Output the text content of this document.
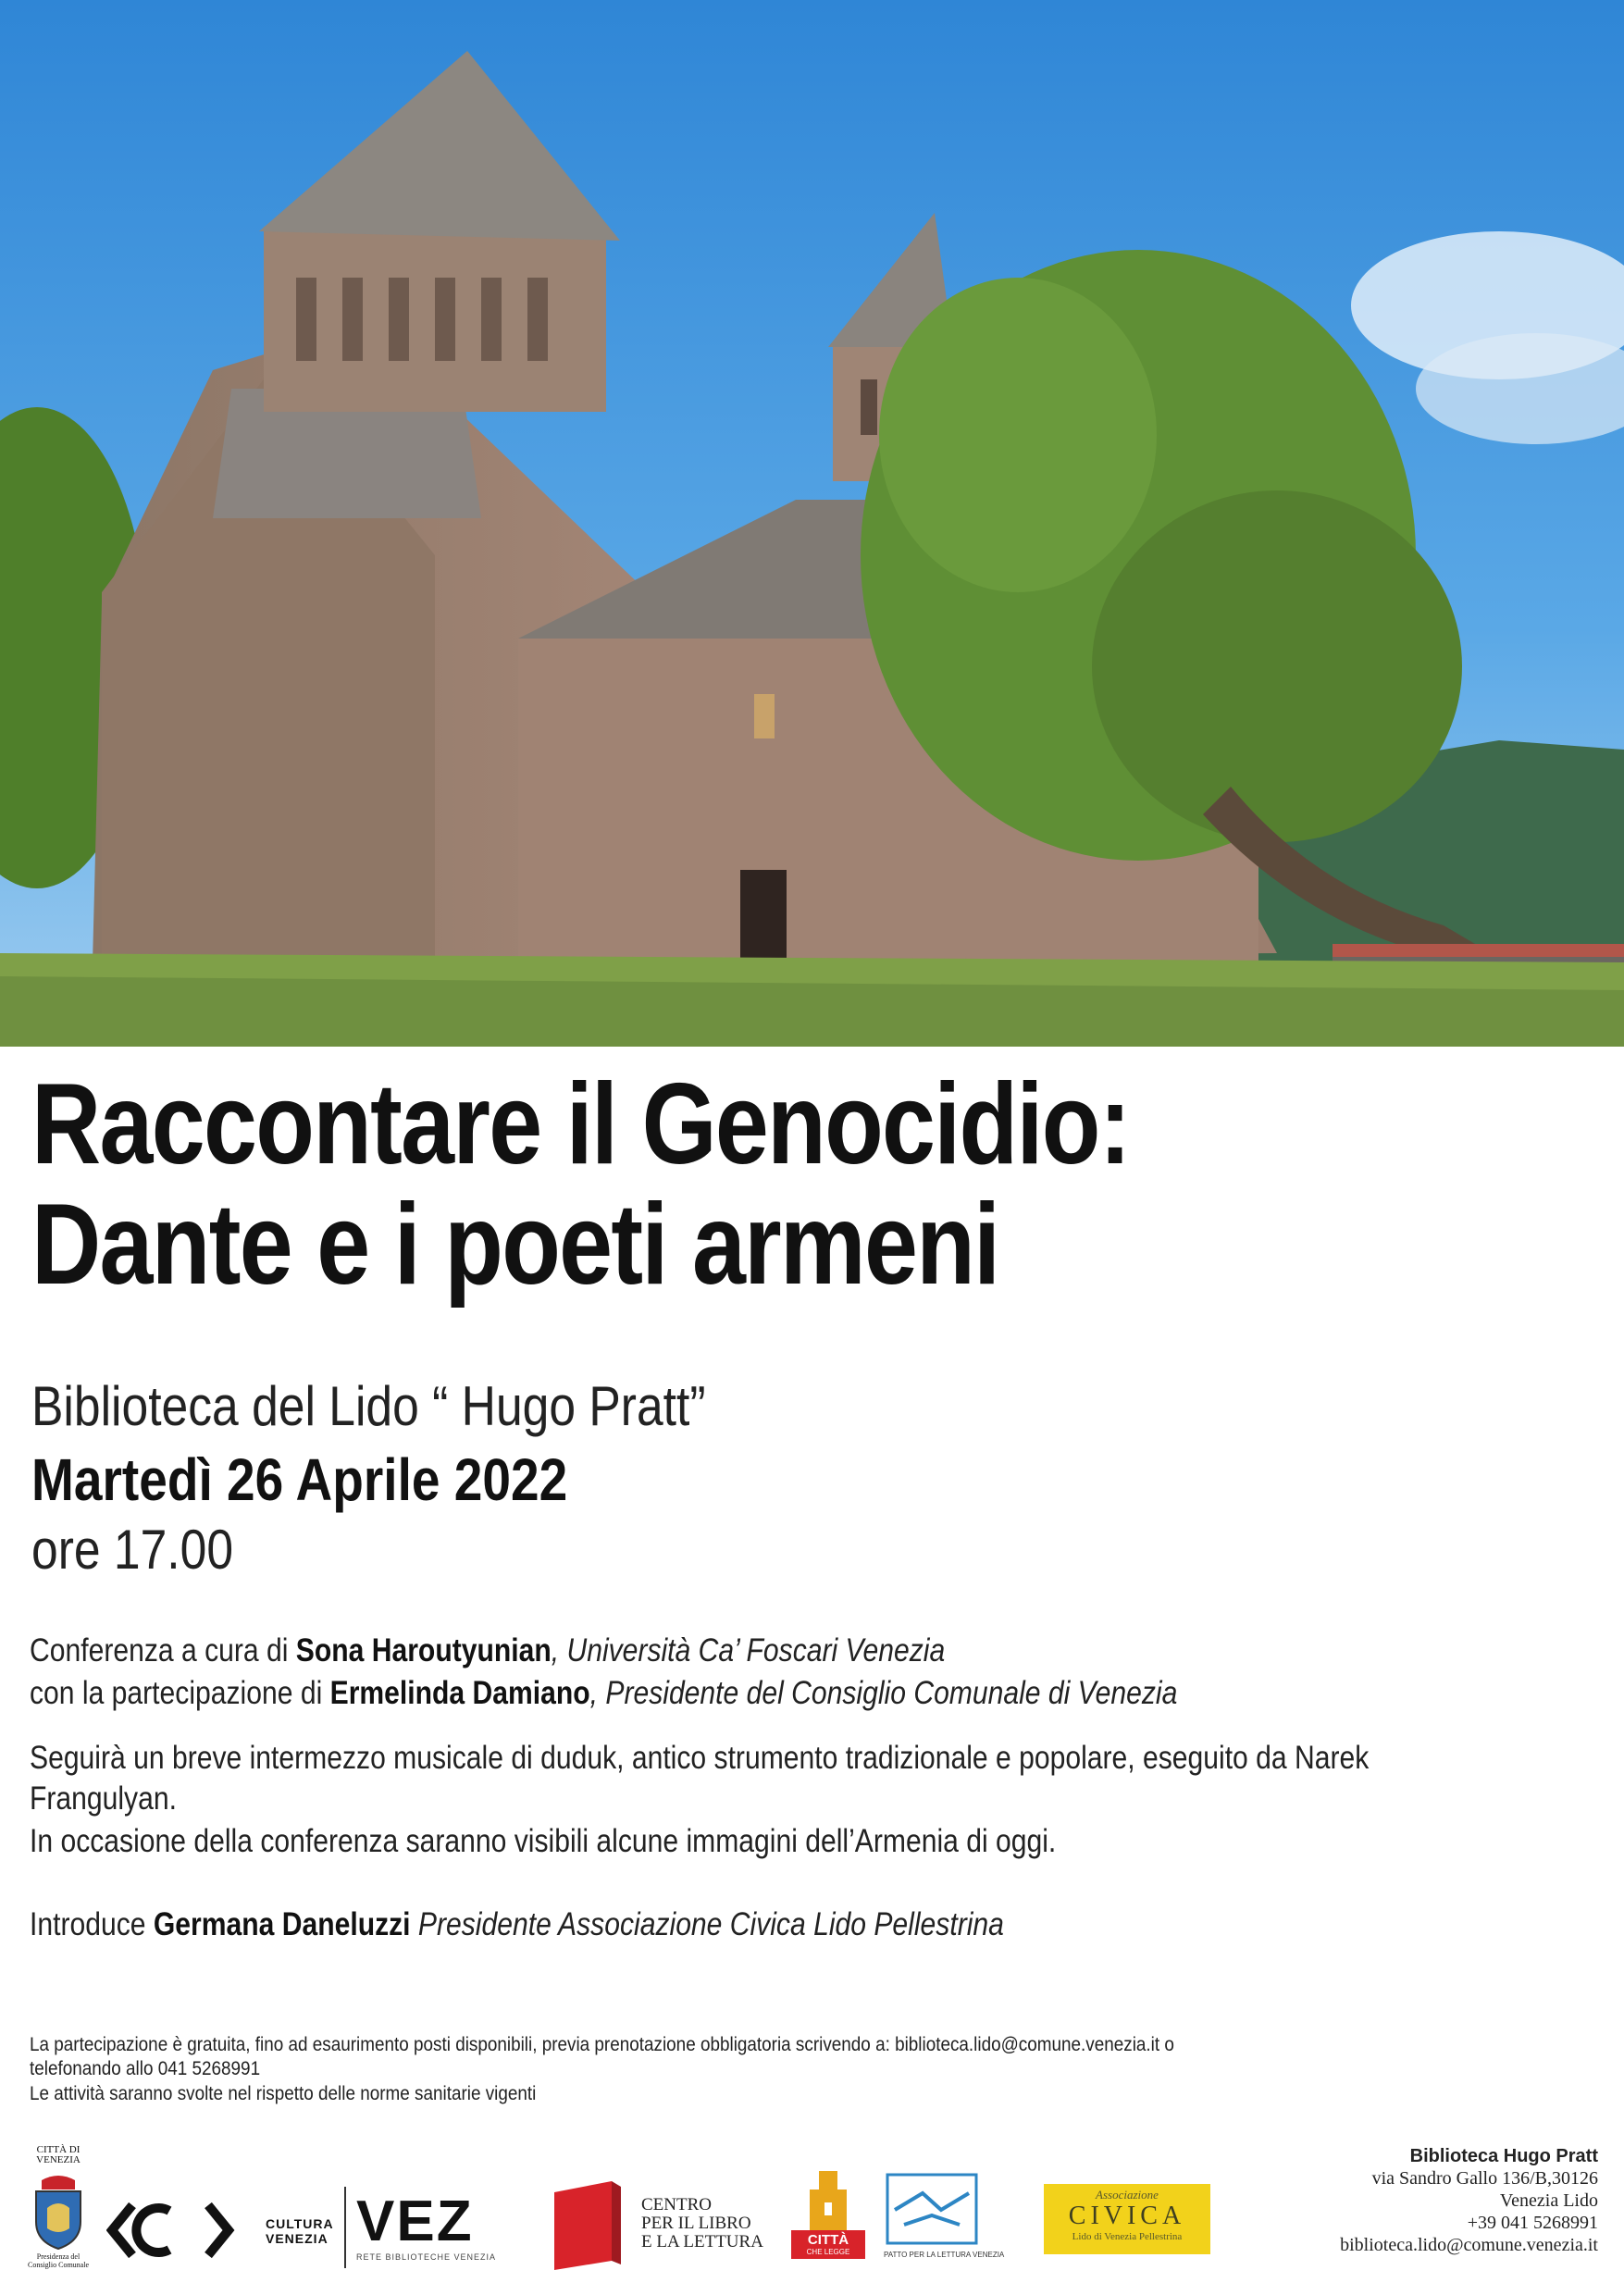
Raccontare il Genocidio:
Dante e i poeti armeni
Biblioteca del Lido “ Hugo Pratt”
Martedì 26 Aprile 2022
ore 17.00
Conferenza a cura di Sona Haroutyunian, Università Ca’ Foscari Venezia
con la partecipazione di Ermelinda Damiano, Presidente del Consiglio Comunale di Venezia
Seguirà un breve intermezzo musicale di duduk, antico strumento tradizionale e popolare, eseguito da Narek
Frangulyan.
In occasione della conferenza saranno visibili alcune immagini dell’Armenia di oggi.
Introduce Germana Daneluzzi Presidente Associazione Civica Lido Pellestrina
La partecipazione è gratuita, fino ad esaurimento posti disponibili, previa prenotazione obbligatoria scrivendo a: biblioteca.lido@comune.venezia.it o
telefonando allo 041 5268991
Le attività saranno svolte nel rispetto delle norme sanitarie vigenti
CITTÀ DI
VENEZIA
Presidenza del
Consiglio Comunale
CULTURA
VENEZIA VEZ
RETE BIBLIOTECHE VENEZIA
CENTRO
PER IL LIBRO
E LA LETTURA	CITTÀ
CHE LEGGE	PATTO PER LA LETTURA VENEZIA
Associazione
CIVICA
Lido di Venezia Pellestrina
Biblioteca Hugo Pratt
via Sandro Gallo 136/B,30126
Venezia Lido
+39 041 5268991
biblioteca.lido@comune.venezia.it
